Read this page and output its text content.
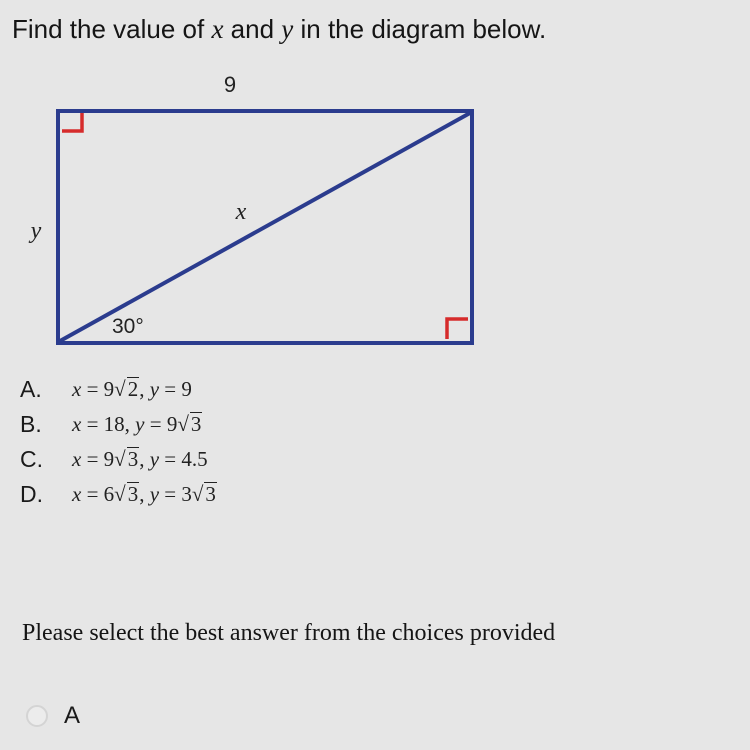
Find the value of x and y in the diagram below.
9
y
x
30°
A.	x = 9√2, y = 9
B.	x = 18, y = 9√3
C.	x = 9√3, y = 4.5
D.	x = 6√3, y = 3√3
Please select the best answer from the choices provided
A
